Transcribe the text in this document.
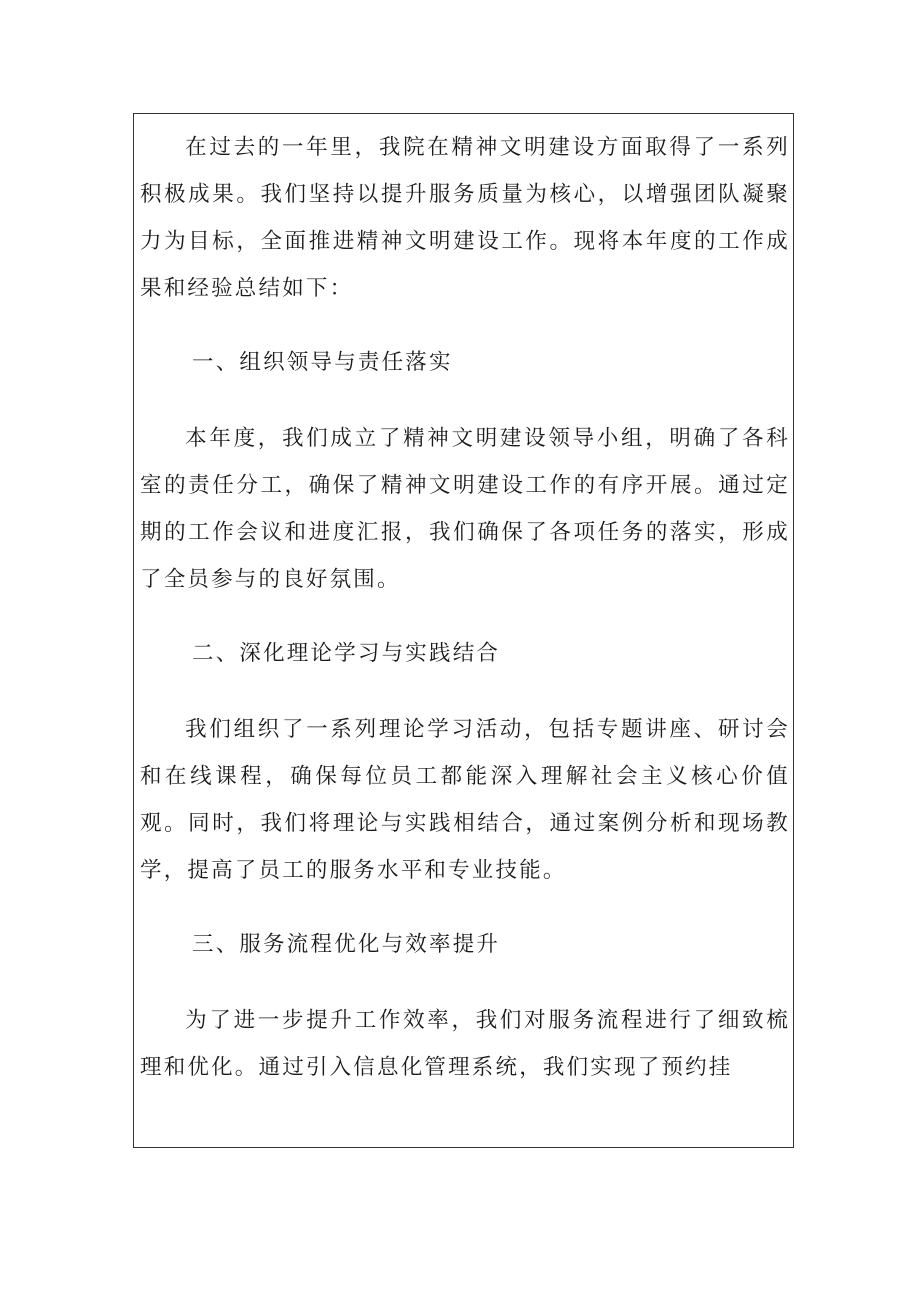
在过去的一年里，我院在精神文明建设方面取得了一系列积极成果。我们坚持以提升服务质量为核心，以增强团队凝聚力为目标，全面推进精神文明建设工作。现将本年度的工作成果和经验总结如下：

一、组织领导与责任落实

本年度，我们成立了精神文明建设领导小组，明确了各科室的责任分工，确保了精神文明建设工作的有序开展。通过定期的工作会议和进度汇报，我们确保了各项任务的落实，形成了全员参与的良好氛围。

二、深化理论学习与实践结合

我们组织了一系列理论学习活动，包括专题讲座、研讨会和在线课程，确保每位员工都能深入理解社会主义核心价值观。同时，我们将理论与实践相结合，通过案例分析和现场教学，提高了员工的服务水平和专业技能。

三、服务流程优化与效率提升

为了进一步提升工作效率，我们对服务流程进行了细致梳理和优化。通过引入信息化管理系统，我们实现了预约挂
